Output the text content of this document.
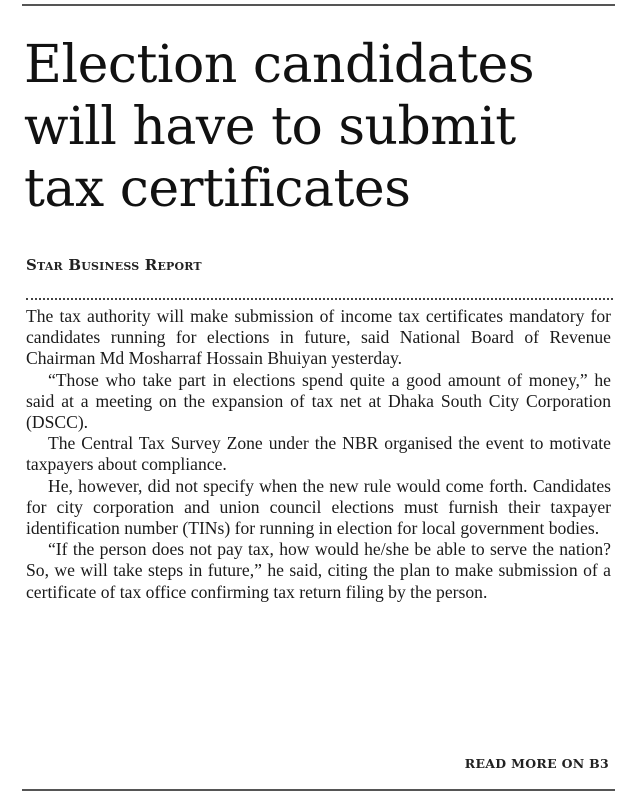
Election candidates
will have to submit
tax certificates
Star Business Report

The tax authority will make submission of income tax certificates mandatory for candidates running for elections in future, said National Board of Revenue Chairman Md Mosharraf Hossain Bhuiyan yesterday.

“Those who take part in elections spend quite a good amount of money,” he said at a meeting on the expansion of tax net at Dhaka South City Corporation (DSCC).

The Central Tax Survey Zone under the NBR organised the event to motivate taxpayers about compliance.

He, however, did not specify when the new rule would come forth. Candidates for city corporation and union council elections must furnish their taxpayer identification number (TINs) for running in election for local government bodies.

“If the person does not pay tax, how would he/she be able to serve the nation? So, we will take steps in future,” he said, citing the plan to make submission of a certificate of tax office confirming tax return filing by the person.

READ MORE ON B3
